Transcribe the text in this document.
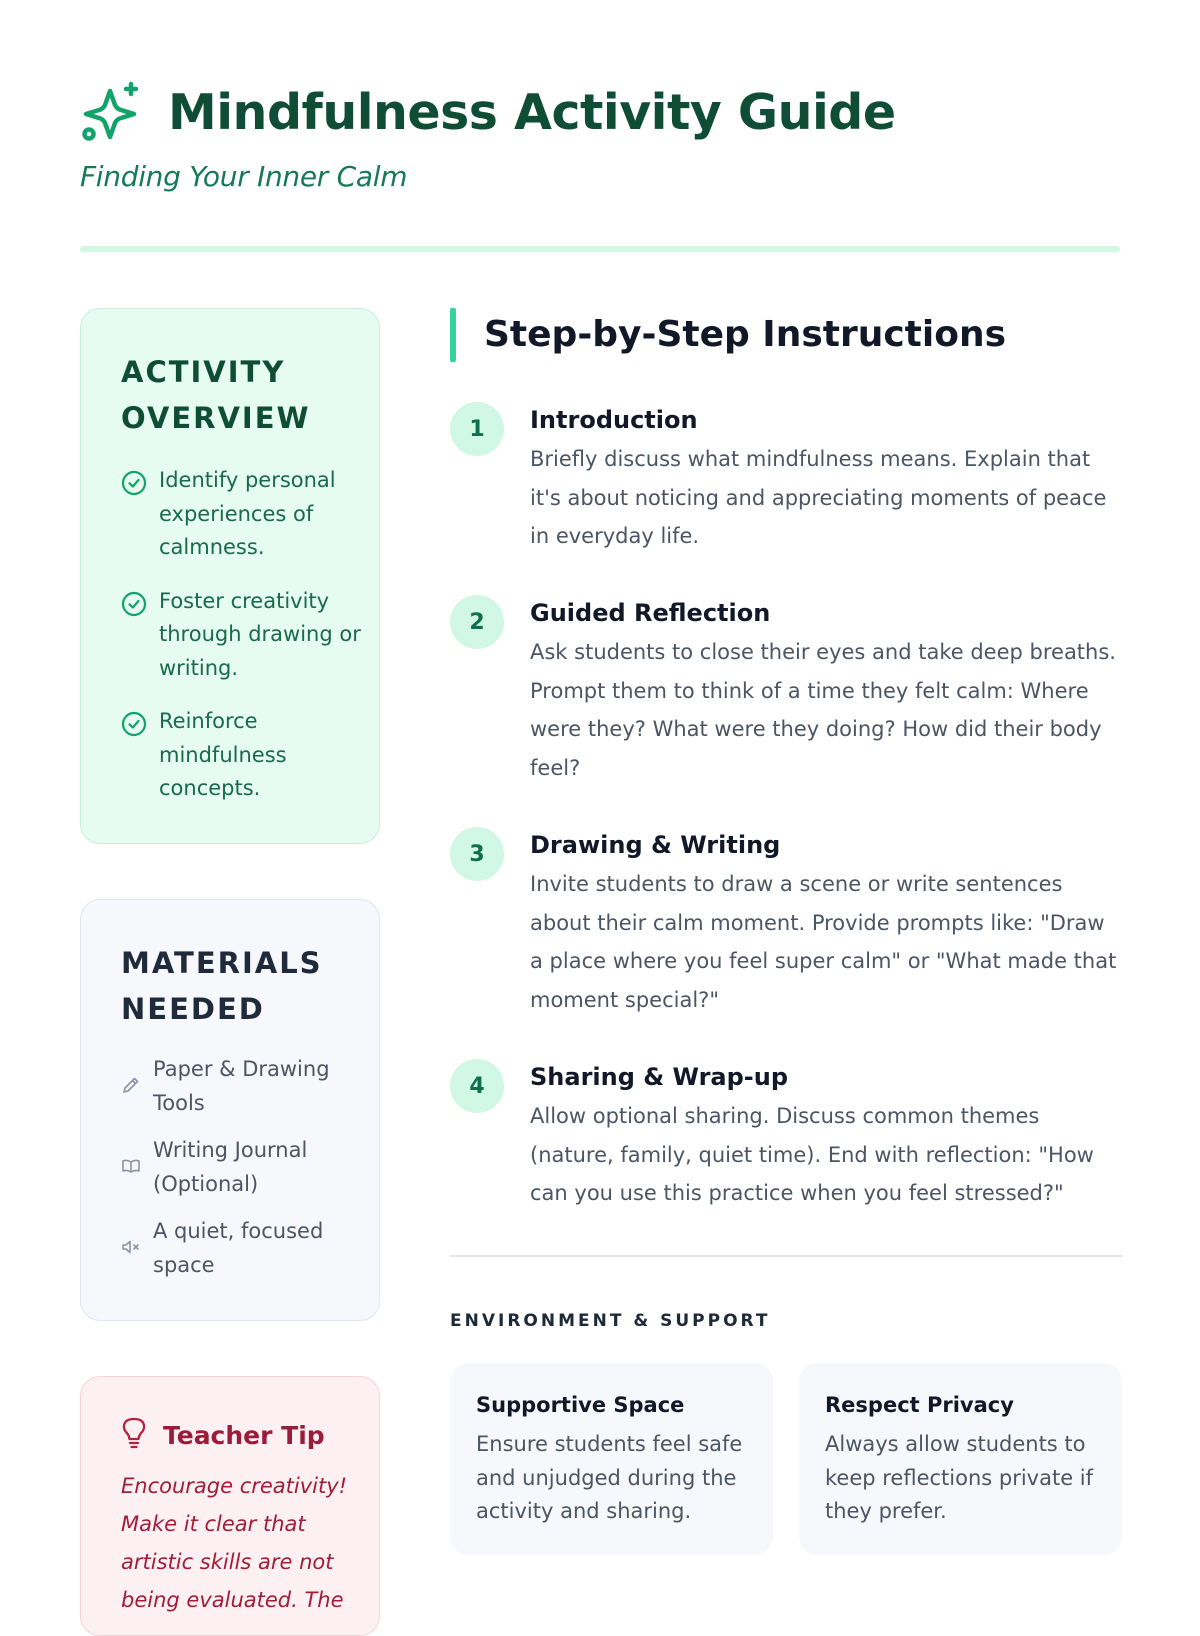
Mindfulness Activity Guide
Finding Your Inner Calm
ACTIVITY OVERVIEW
Identify personal experiences of calmness.
Foster creativity through drawing or writing.
Reinforce mindfulness concepts.
MATERIALS NEEDED
Paper & Drawing Tools
Writing Journal (Optional)
A quiet, focused space
Teacher Tip
Encourage creativity! Make it clear that artistic skills are not being evaluated. The
Step-by-Step Instructions
1	Introduction
Briefly discuss what mindfulness means. Explain that it's about noticing and appreciating moments of peace in everyday life.
2	Guided Reflection
Ask students to close their eyes and take deep breaths. Prompt them to think of a time they felt calm: Where were they? What were they doing? How did their body feel?
3	Drawing & Writing
Invite students to draw a scene or write sentences about their calm moment. Provide prompts like: "Draw a place where you feel super calm" or "What made that moment special?"
4	Sharing & Wrap-up
Allow optional sharing. Discuss common themes (nature, family, quiet time). End with reflection: "How can you use this practice when you feel stressed?"
ENVIRONMENT & SUPPORT
Supportive Space
Ensure students feel safe and unjudged during the activity and sharing.
Respect Privacy
Always allow students to keep reflections private if they prefer.
